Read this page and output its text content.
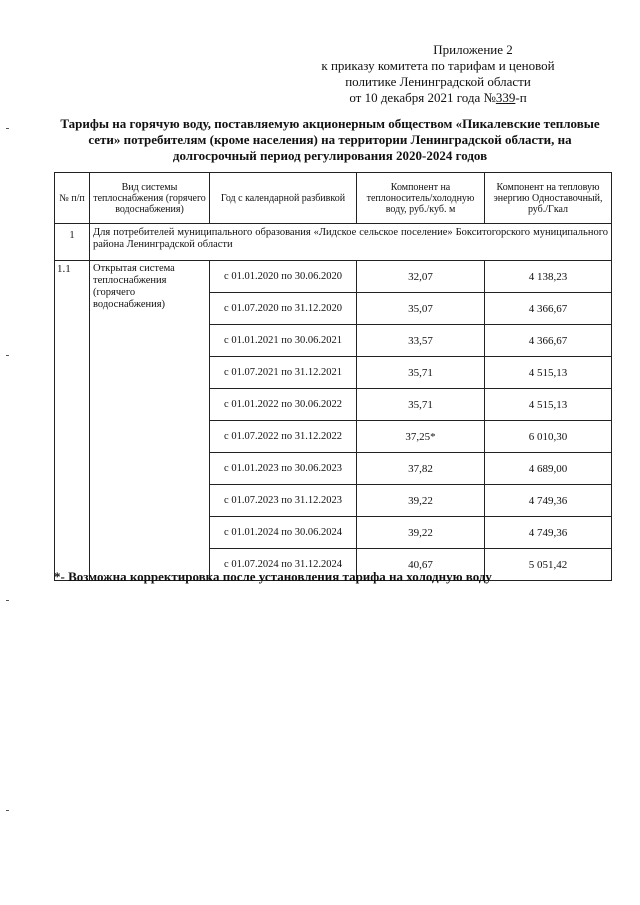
Приложение 2
к приказу комитета по тарифам и ценовой
политике Ленинградской области
от 10 декабря 2021 года №339-п
Тарифы на горячую воду, поставляемую акционерным обществом «Пикалевские тепловые сети» потребителям (кроме населения) на территории Ленинградской области, на долгосрочный период регулирования 2020-2024 годов
№ п/п	Вид системы теплоснабжения (горячего водоснабжения)	Год с календарной разбивкой	Компонент на теплоноситель/холодную воду, руб./куб. м	Компонент на тепловую энергию Одноставочный, руб./Гкал
1	Для потребителей муниципального образования «Лидское сельское поселение» Бокситогорского муниципального района Ленинградской области			
1.1	Открытая система теплоснабжения (горячего водоснабжения)	с 01.01.2020 по 30.06.2020	32,07	4 138,23
		с 01.07.2020 по 31.12.2020	35,07	4 366,67
		с 01.01.2021 по 30.06.2021	33,57	4 366,67
		с 01.07.2021 по 31.12.2021	35,71	4 515,13
		с 01.01.2022 по 30.06.2022	35,71	4 515,13
		с 01.07.2022 по 31.12.2022	37,25*	6 010,30
		с 01.01.2023 по 30.06.2023	37,82	4 689,00
		с 01.07.2023 по 31.12.2023	39,22	4 749,36
		с 01.01.2024 по 30.06.2024	39,22	4 749,36
		с 01.07.2024 по 31.12.2024	40,67	5 051,42
*- Возможна корректировка после установления тарифа на холодную воду
